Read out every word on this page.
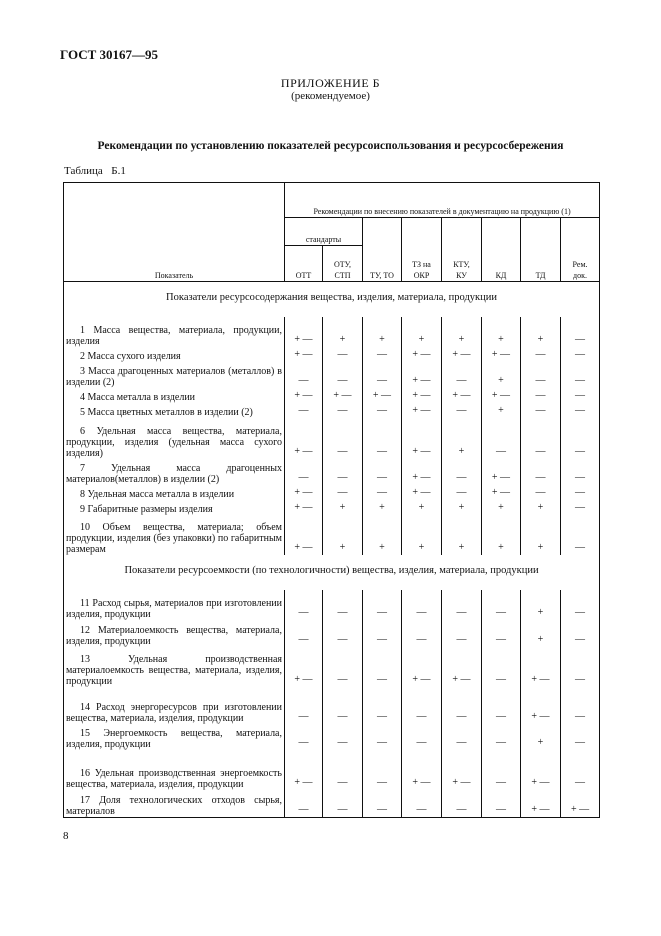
ГОСТ 30167—95
ПРИЛОЖЕНИЕ Б
(рекомендуемое)
Рекомендации по установлению показателей ресурсоиспользования и ресурсосбережения
Таблица Б.1
Показатель	Рекомендации по внесению показателей в документацию на продукцию (1)							
	стандарты		ТУ, ТО	ТЗ на ОКР	КТУ, КУ	КД	ТД	Рем. док.
	ОТТ	ОТУ, СТП						
Показатели ресурсосодержания вещества, изделия, материала, продукции								
1 Масса вещества, материала, продукции, изделия	+ —	+	+	+	+	+	+	—
2 Масса сухого изделия	+ —	—	—	+ —	+ —	+ —	—	—
3 Масса драгоценных материалов (металлов) в изделии (2)	—	—	—	+ —	—	+	—	—
4 Масса металла в изделии	+ —	+ —	+ —	+ —	+ —	+ —	—	—
5 Масса цветных металлов в изделии (2)	—	—	—	+ —	—	+	—	—
6 Удельная масса вещества, материала, продукции, изделия (удельная масса сухого изделия)	+ —	—	—	+ —	+	—	—	—
7 Удельная масса драгоценных материалов(металлов) в изделии (2)	—	—	—	+ —	—	+ —	—	—
8 Удельная масса металла в изделии	+ —	—	—	+ —	—	+ —	—	—
9 Габаритные размеры изделия	+ —	+	+	+	+	+	+	—
10 Объем вещества, материала; объем продукции, изделия (без упаковки) по габаритным размерам	+ —	+	+	+	+	+	+	—
Показатели ресурсоемкости (по технологичности) вещества, изделия, материала, продукции								
11 Расход сырья, материалов при изготовлении изделия, продукции	—	—	—	—	—	—	+	—
12 Материалоемкость вещества, материала, изделия, продукции	—	—	—	—	—	—	+	—
13 Удельная производственная материалоемкость вещества, материала, изделия, продукции	+ —	—	—	+ —	+ —	—	+ —	—
14 Расход энергоресурсов при изготовлении вещества, материала, изделия, продукции	—	—	—	—	—	—	+ —	—
15 Энергоемкость вещества, материала, изделия, продукции	—	—	—	—	—	—	+	—
16 Удельная производственная энергоемкость вещества, материала, изделия, продукции	+ —	—	—	+ —	+ —	—	+ —	—
17 Доля технологических отходов сырья, материалов	—	—	—	—	—	—	+ —	+ —
8
